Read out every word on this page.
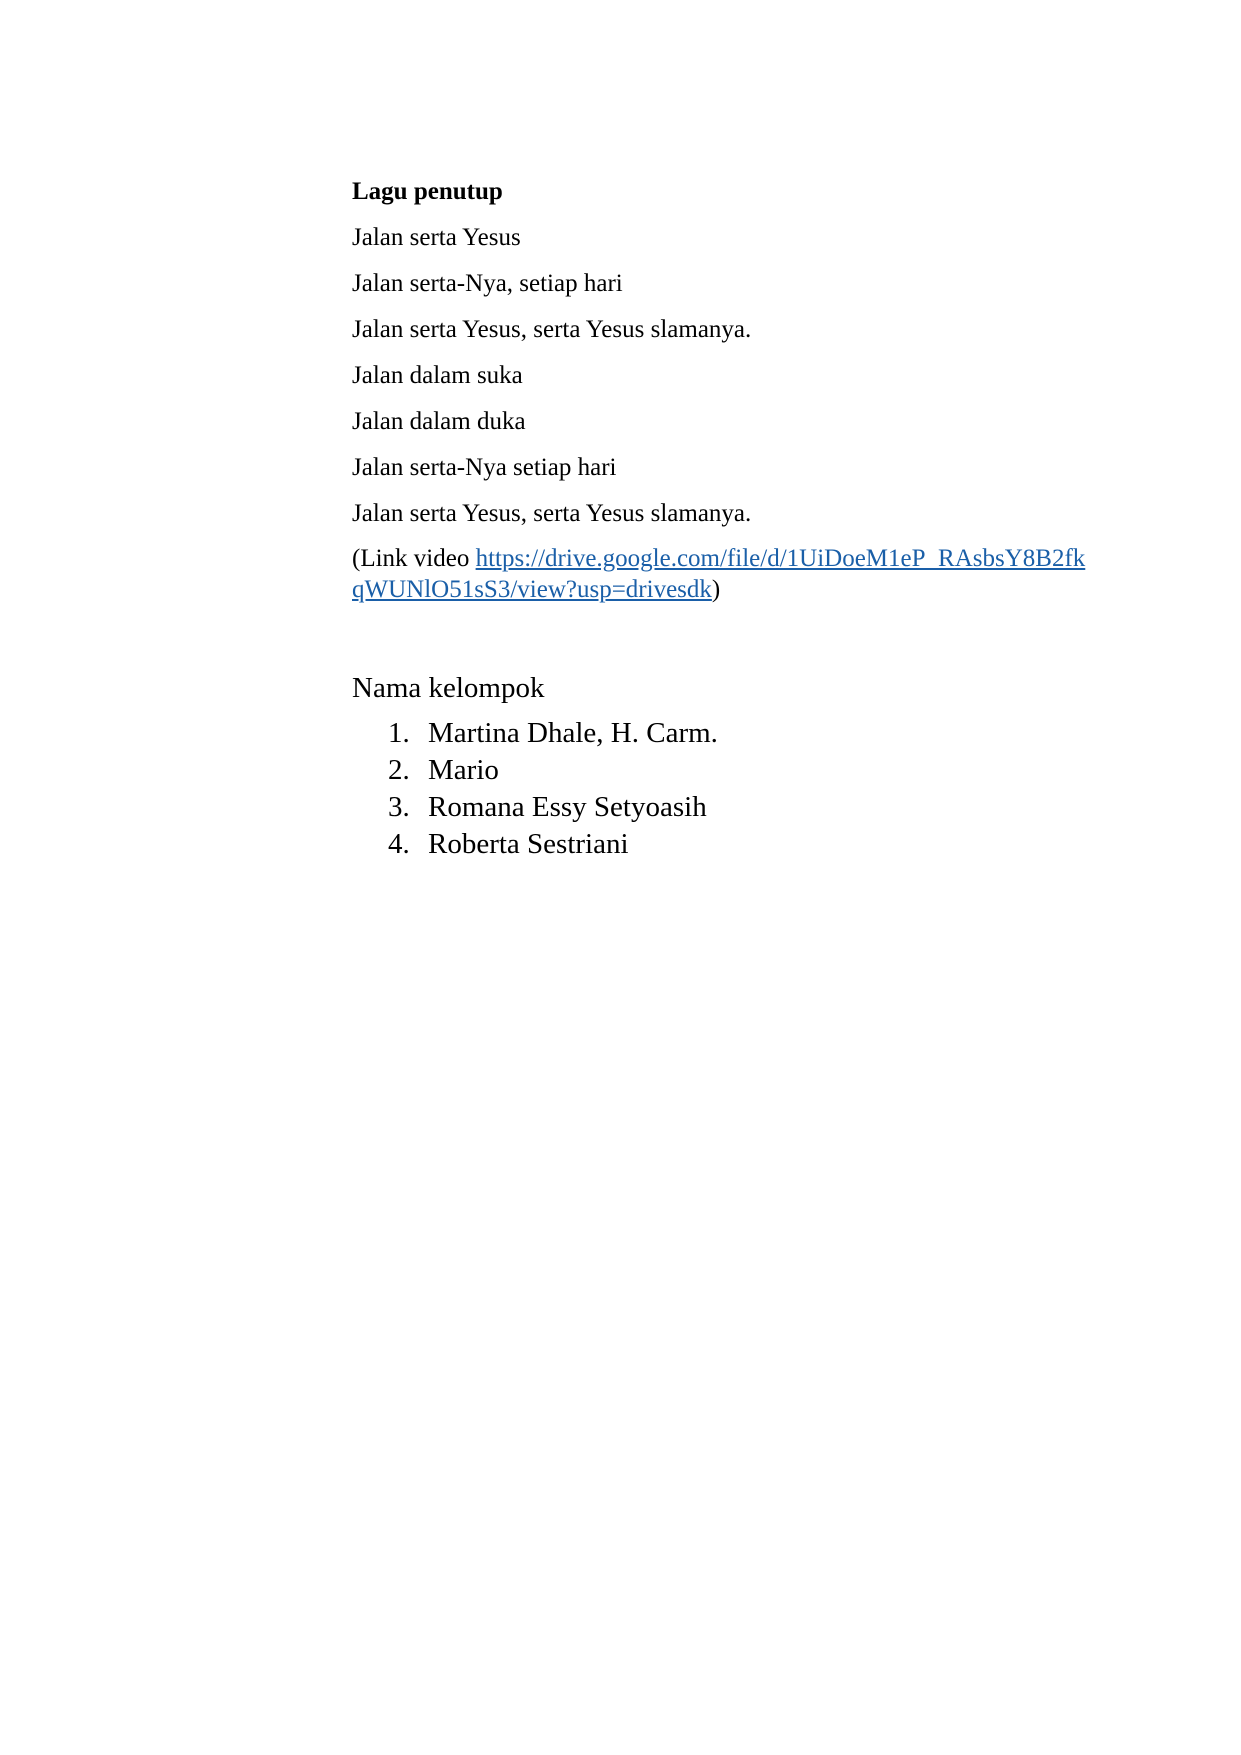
Lagu penutup

Jalan serta Yesus

Jalan serta-Nya, setiap hari

Jalan serta Yesus, serta Yesus slamanya.

Jalan dalam suka

Jalan dalam duka

Jalan serta-Nya setiap hari

Jalan serta Yesus, serta Yesus slamanya.

(Link video https://drive.google.com/file/d/1UiDoeM1eP_RAsbsY8B2fkqWUNlO51sS3/view?usp=drivesdk)

Nama kelompok

1. Martina Dhale, H. Carm.
2. Mario
3. Romana Essy Setyoasih
4. Roberta Sestriani
